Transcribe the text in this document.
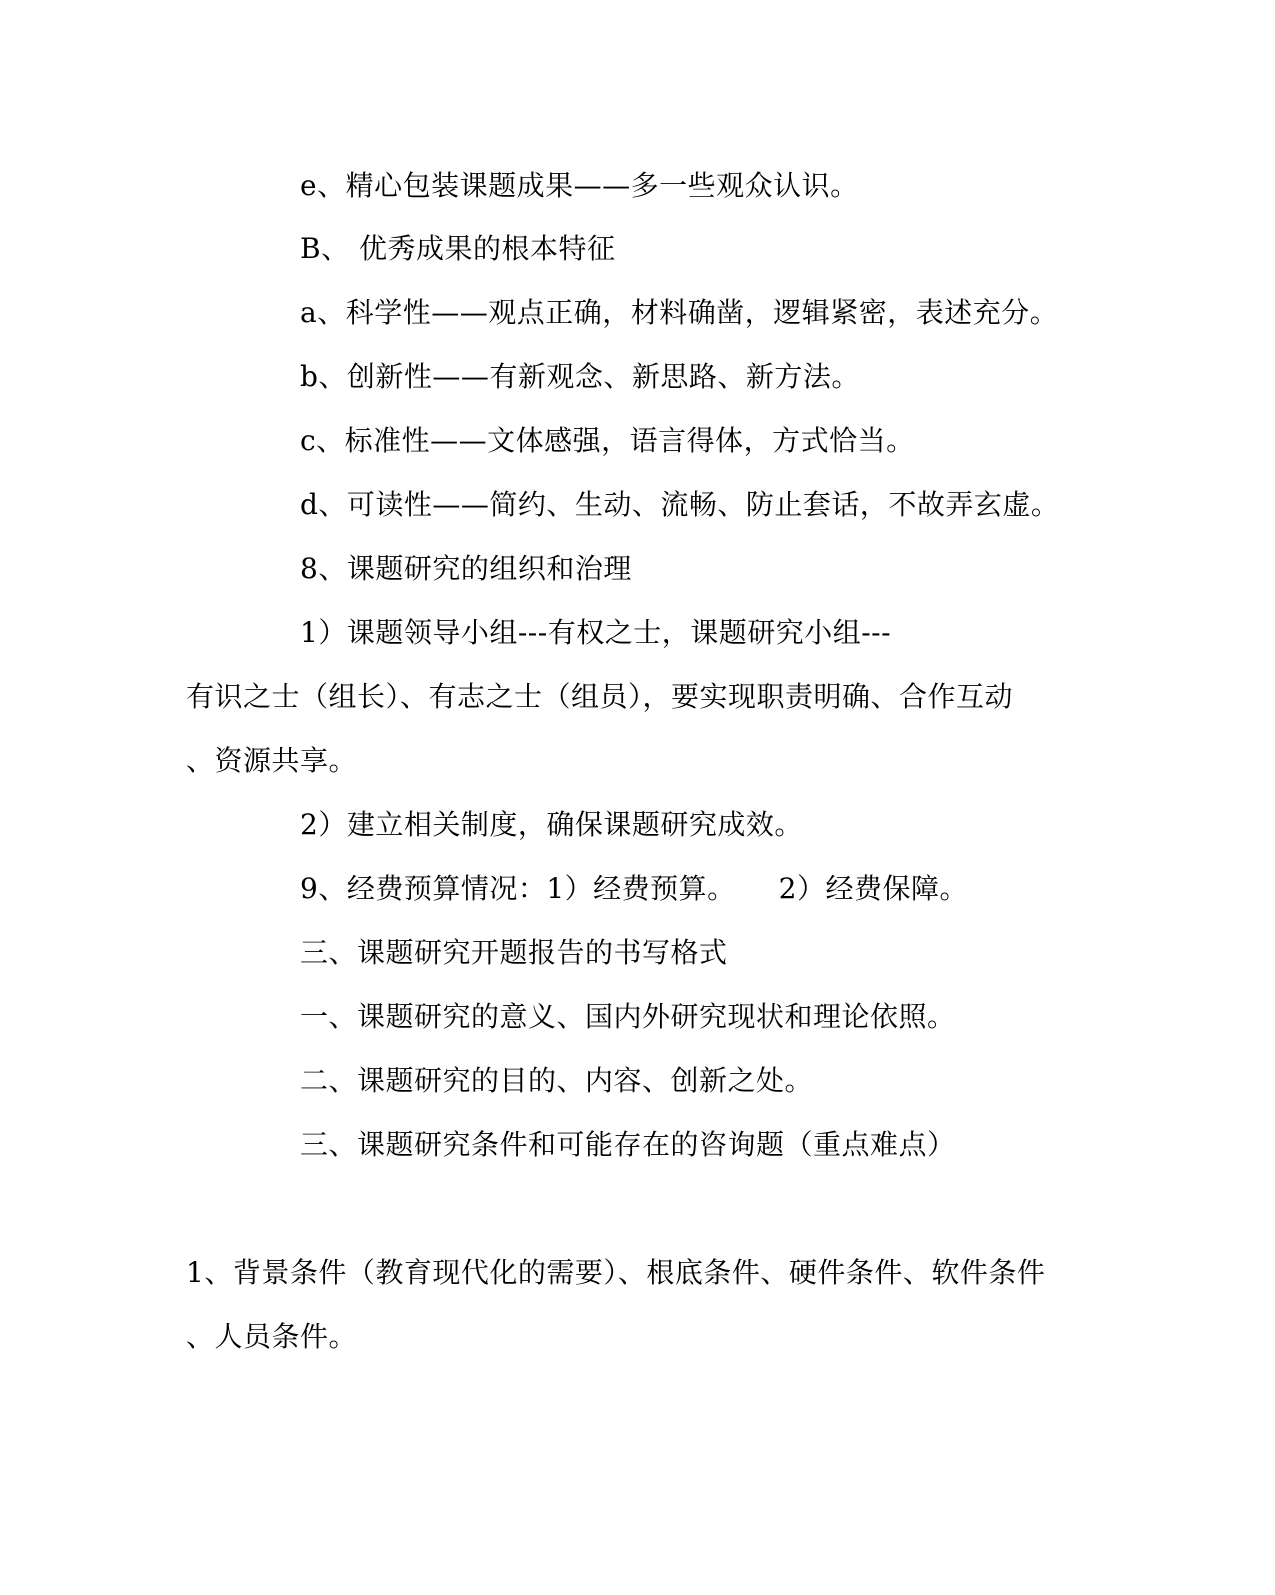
e、精心包装课题成果——多一些观众认识。
B、 优秀成果的根本特征
a、科学性——观点正确，材料确凿，逻辑紧密，表述充分。
b、创新性——有新观念、新思路、新方法。
c、标准性——文体感强，语言得体，方式恰当。
d、可读性——简约、生动、流畅、防止套话，不故弄玄虚。
8、课题研究的组织和治理
1）课题领导小组---有权之士，课题研究小组---
有识之士（组长）、有志之士（组员），要实现职责明确、合作互动
、资源共享。
2）建立相关制度，确保课题研究成效。
9、经费预算情况：1）经费预算。　　2）经费保障。
三、课题研究开题报告的书写格式
一、课题研究的意义、国内外研究现状和理论依照。
二、课题研究的目的、内容、创新之处。
三、课题研究条件和可能存在的咨询题（重点难点）
1、背景条件（教育现代化的需要）、根底条件、硬件条件、软件条件
、人员条件。
